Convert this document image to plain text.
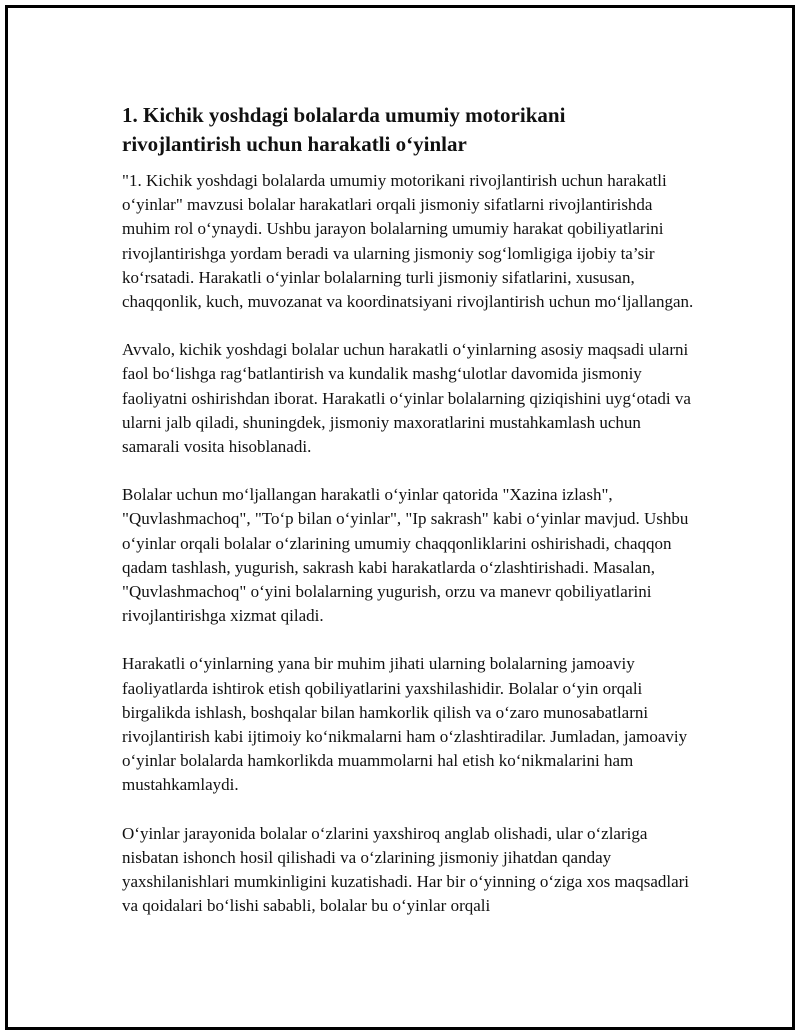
1. Kichik yoshdagi bolalarda umumiy motorikani
rivojlantirish uchun harakatli o‘yinlar

"1. Kichik yoshdagi bolalarda umumiy motorikani rivojlantirish uchun harakatli o‘yinlar" mavzusi bolalar harakatlari orqali jismoniy sifatlarni rivojlantirishda muhim rol o‘ynaydi. Ushbu jarayon bolalarning umumiy harakat qobiliyatlarini rivojlantirishga yordam beradi va ularning jismoniy sog‘lomligiga ijobiy ta’sir ko‘rsatadi. Harakatli o‘yinlar bolalarning turli jismoniy sifatlarini, xususan, chaqqonlik, kuch, muvozanat va koordinatsiyani rivojlantirish uchun mo‘ljallangan.

Avvalo, kichik yoshdagi bolalar uchun harakatli o‘yinlarning asosiy maqsadi ularni faol bo‘lishga rag‘batlantirish va kundalik mashg‘ulotlar davomida jismoniy faoliyatni oshirishdan iborat. Harakatli o‘yinlar bolalarning qiziqishini uyg‘otadi va ularni jalb qiladi, shuningdek, jismoniy maxoratlarini mustahkamlash uchun samarali vosita hisoblanadi.

Bolalar uchun mo‘ljallangan harakatli o‘yinlar qatorida "Xazina izlash", "Quvlashmachoq", "To‘p bilan o‘yinlar", "Ip sakrash" kabi o‘yinlar mavjud. Ushbu o‘yinlar orqali bolalar o‘zlarining umumiy chaqqonliklarini oshirishadi, chaqqon qadam tashlash, yugurish, sakrash kabi harakatlarda o‘zlashtirishadi. Masalan, "Quvlashmachoq" o‘yini bolalarning yugurish, orzu va manevr qobiliyatlarini rivojlantirishga xizmat qiladi.

Harakatli o‘yinlarning yana bir muhim jihati ularning bolalarning jamoaviy faoliyatlarda ishtirok etish qobiliyatlarini yaxshilashidir. Bolalar o‘yin orqali birgalikda ishlash, boshqalar bilan hamkorlik qilish va o‘zaro munosabatlarni rivojlantirish kabi ijtimoiy ko‘nikmalarni ham o‘zlashtiradilar. Jumladan, jamoaviy o‘yinlar bolalarda hamkorlikda muammolarni hal etish ko‘nikmalarini ham mustahkamlaydi.

O‘yinlar jarayonida bolalar o‘zlarini yaxshiroq anglab olishadi, ular o‘zlariga nisbatan ishonch hosil qilishadi va o‘zlarining jismoniy jihatdan qanday yaxshilanishlari mumkinligini kuzatishadi. Har bir o‘yinning o‘ziga xos maqsadlari va qoidalari bo‘lishi sababli, bolalar bu o‘yinlar orqali
